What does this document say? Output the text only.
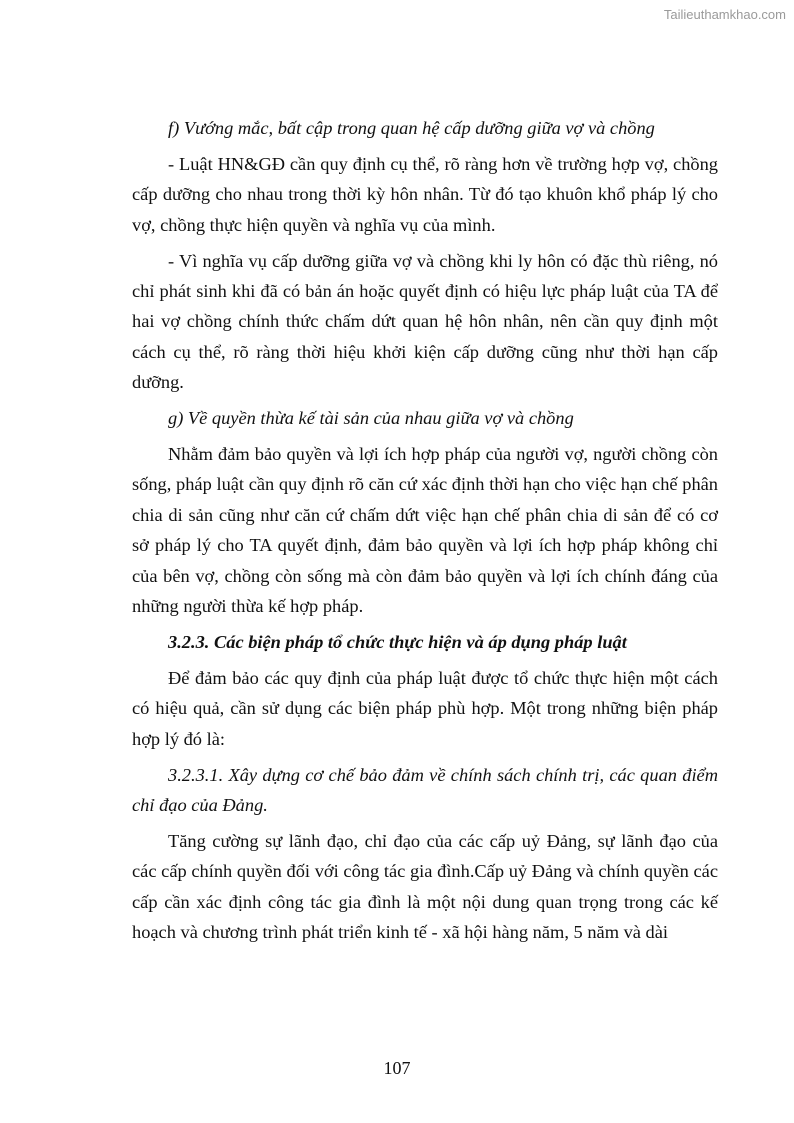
Tailieuthamkhao.com

f) Vướng mắc, bất cập trong quan hệ cấp dưỡng giữa vợ và chồng

- Luật HN&GĐ cần quy định cụ thể, rõ ràng hơn về trường hợp vợ, chồng cấp dưỡng cho nhau trong thời kỳ hôn nhân. Từ đó tạo khuôn khổ pháp lý cho vợ, chồng thực hiện quyền và nghĩa vụ của mình.

- Vì nghĩa vụ cấp dưỡng giữa vợ và chồng khi ly hôn có đặc thù riêng, nó chỉ phát sinh khi đã có bản án hoặc quyết định có hiệu lực pháp luật của TA để hai vợ chồng chính thức chấm dứt quan hệ hôn nhân, nên cần quy định một cách cụ thể, rõ ràng thời hiệu khởi kiện cấp dưỡng cũng như thời hạn cấp dưỡng.

g) Về quyền thừa kế tài sản của nhau giữa vợ và chồng

Nhằm đảm bảo quyền và lợi ích hợp pháp của người vợ, người chồng còn sống, pháp luật cần quy định rõ căn cứ xác định thời hạn cho việc hạn chế phân chia di sản cũng như căn cứ chấm dứt việc hạn chế phân chia di sản để có cơ sở pháp lý cho TA quyết định, đảm bảo quyền và lợi ích hợp pháp không chỉ của bên vợ, chồng còn sống mà còn đảm bảo quyền và lợi ích chính đáng của những người thừa kế hợp pháp.

3.2.3. Các biện pháp tổ chức thực hiện và áp dụng pháp luật

Để đảm bảo các quy định của pháp luật được tổ chức thực hiện một cách có hiệu quả, cần sử dụng các biện pháp phù hợp. Một trong những biện pháp hợp lý đó là:

3.2.3.1. Xây dựng cơ chế bảo đảm về chính sách chính trị, các quan điểm chỉ đạo của Đảng.

Tăng cường sự lãnh đạo, chỉ đạo của các cấp uỷ Đảng, sự lãnh đạo của các cấp chính quyền đối với công tác gia đình.Cấp uỷ Đảng và chính quyền các cấp cần xác định công tác gia đình là một nội dung quan trọng trong các kế hoạch và chương trình phát triển kinh tế - xã hội hàng năm, 5 năm và dài

107
